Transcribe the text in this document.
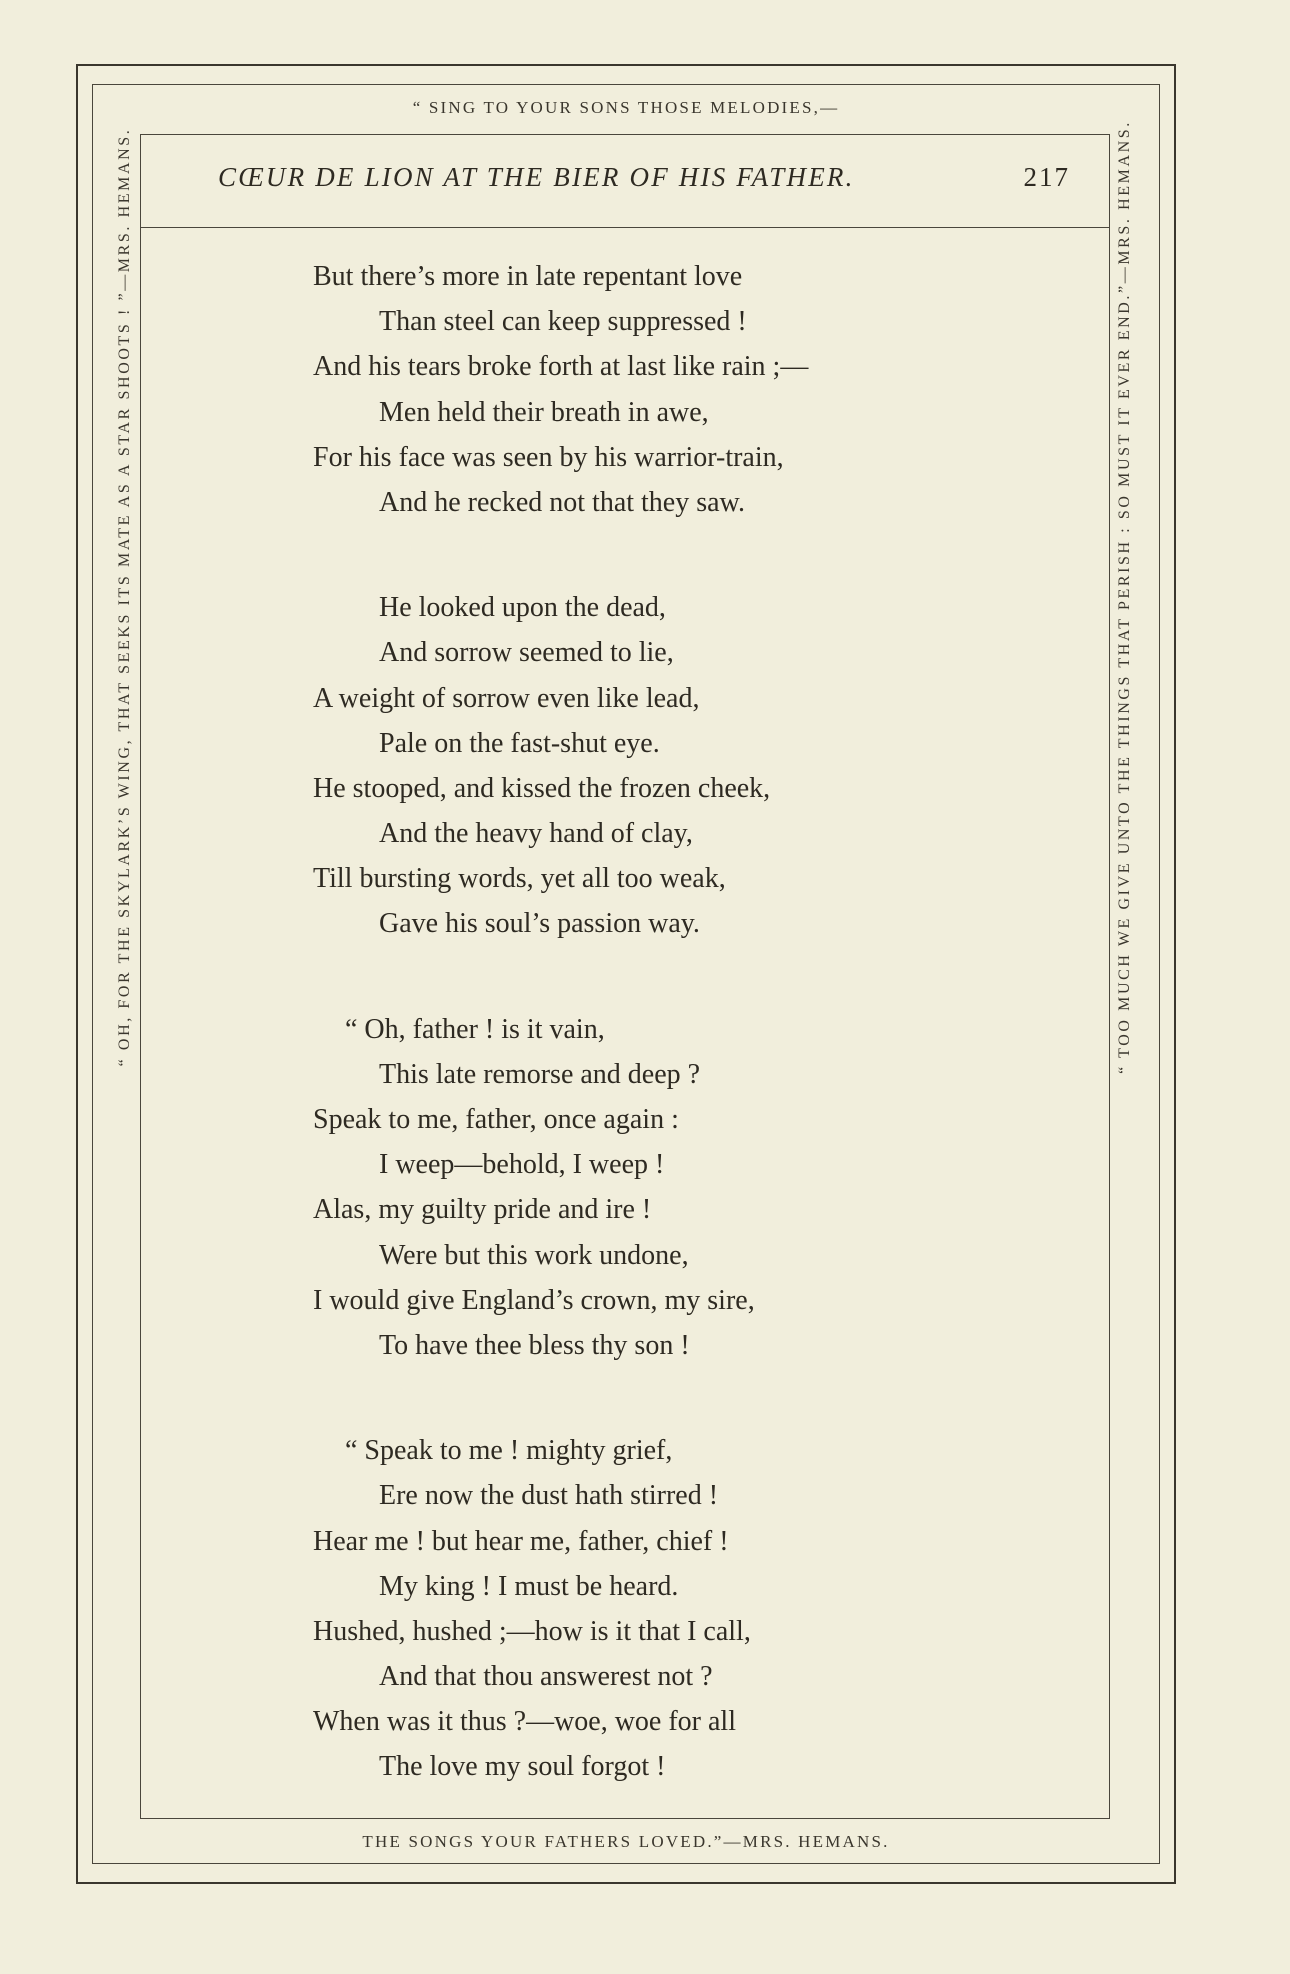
“ SING TO YOUR SONS THOSE MELODIES,—
THE SONGS YOUR FATHERS LOVED.”—MRS. HEMANS.
“ OH, FOR THE SKYLARK’S WING, THAT SEEKS ITS MATE AS A STAR SHOOTS ! ”—MRS. HEMANS.	“ TOO MUCH WE GIVE UNTO THE THINGS THAT PERISH : SO MUST IT EVER END.”—MRS. HEMANS.
CŒUR DE LION AT THE BIER OF HIS FATHER.	217
But there’s more in late repentant love
Than steel can keep suppressed !
And his tears broke forth at last like rain ;—
Men held their breath in awe,
For his face was seen by his warrior-train,
And he recked not that they saw.
He looked upon the dead,
And sorrow seemed to lie,
A weight of sorrow even like lead,
Pale on the fast-shut eye.
He stooped, and kissed the frozen cheek,
And the heavy hand of clay,
Till bursting words, yet all too weak,
Gave his soul’s passion way.
“ Oh, father ! is it vain,
This late remorse and deep ?
Speak to me, father, once again :
I weep—behold, I weep !
Alas, my guilty pride and ire !
Were but this work undone,
I would give England’s crown, my sire,
To have thee bless thy son !
“ Speak to me ! mighty grief,
Ere now the dust hath stirred !
Hear me ! but hear me, father, chief !
My king ! I must be heard.
Hushed, hushed ;—how is it that I call,
And that thou answerest not ?
When was it thus ?—woe, woe for all
The love my soul forgot !
